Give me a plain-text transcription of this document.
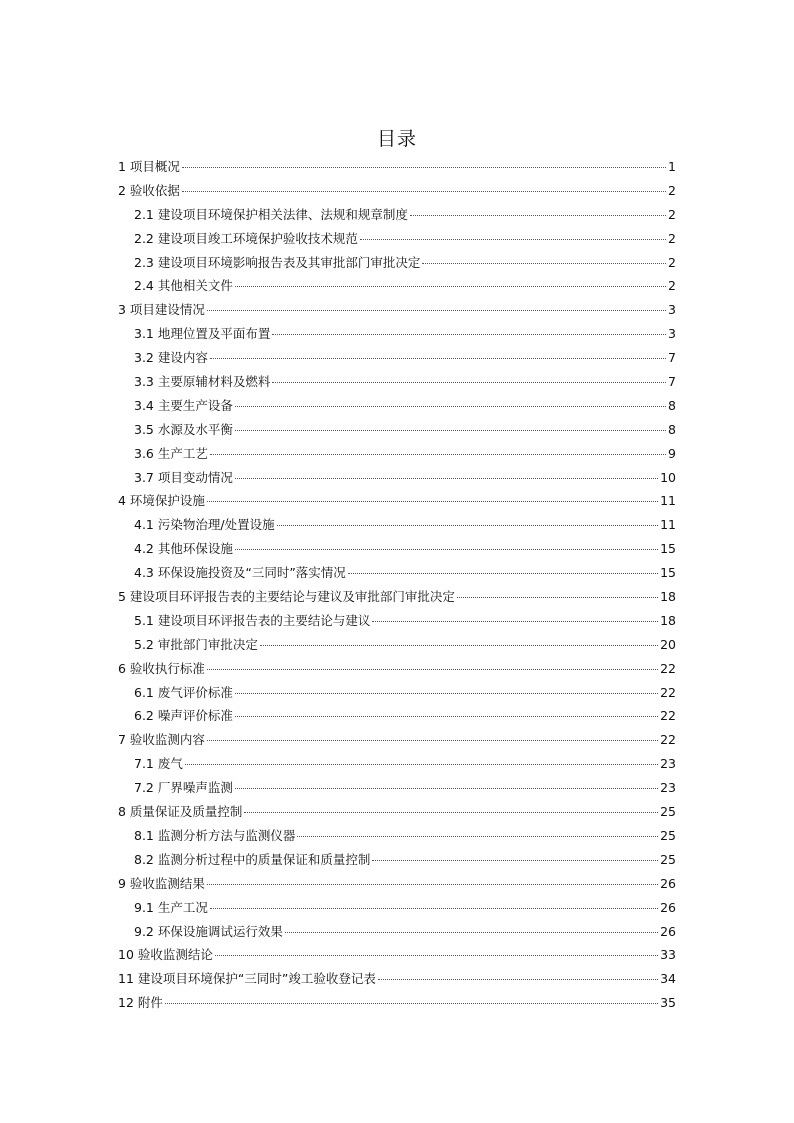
目录
1 项目概况	1
2 验收依据	2
2.1 建设项目环境保护相关法律、法规和规章制度	2
2.2 建设项目竣工环境保护验收技术规范	2
2.3 建设项目环境影响报告表及其审批部门审批决定	2
2.4 其他相关文件	2
3 项目建设情况	3
3.1 地理位置及平面布置	3
3.2 建设内容	7
3.3 主要原辅材料及燃料	7
3.4 主要生产设备	8
3.5 水源及水平衡	8
3.6 生产工艺	9
3.7 项目变动情况	10
4 环境保护设施	11
4.1 污染物治理/处置设施	11
4.2 其他环保设施	15
4.3 环保设施投资及“三同时”落实情况	15
5 建设项目环评报告表的主要结论与建议及审批部门审批决定	18
5.1 建设项目环评报告表的主要结论与建议	18
5.2 审批部门审批决定	20
6 验收执行标准	22
6.1 废气评价标准	22
6.2 噪声评价标准	22
7 验收监测内容	22
7.1 废气	23
7.2 厂界噪声监测	23
8 质量保证及质量控制	25
8.1 监测分析方法与监测仪器	25
8.2 监测分析过程中的质量保证和质量控制	25
9 验收监测结果	26
9.1 生产工况	26
9.2 环保设施调试运行效果	26
10 验收监测结论	33
11 建设项目环境保护“三同时”竣工验收登记表	34
12 附件	35
